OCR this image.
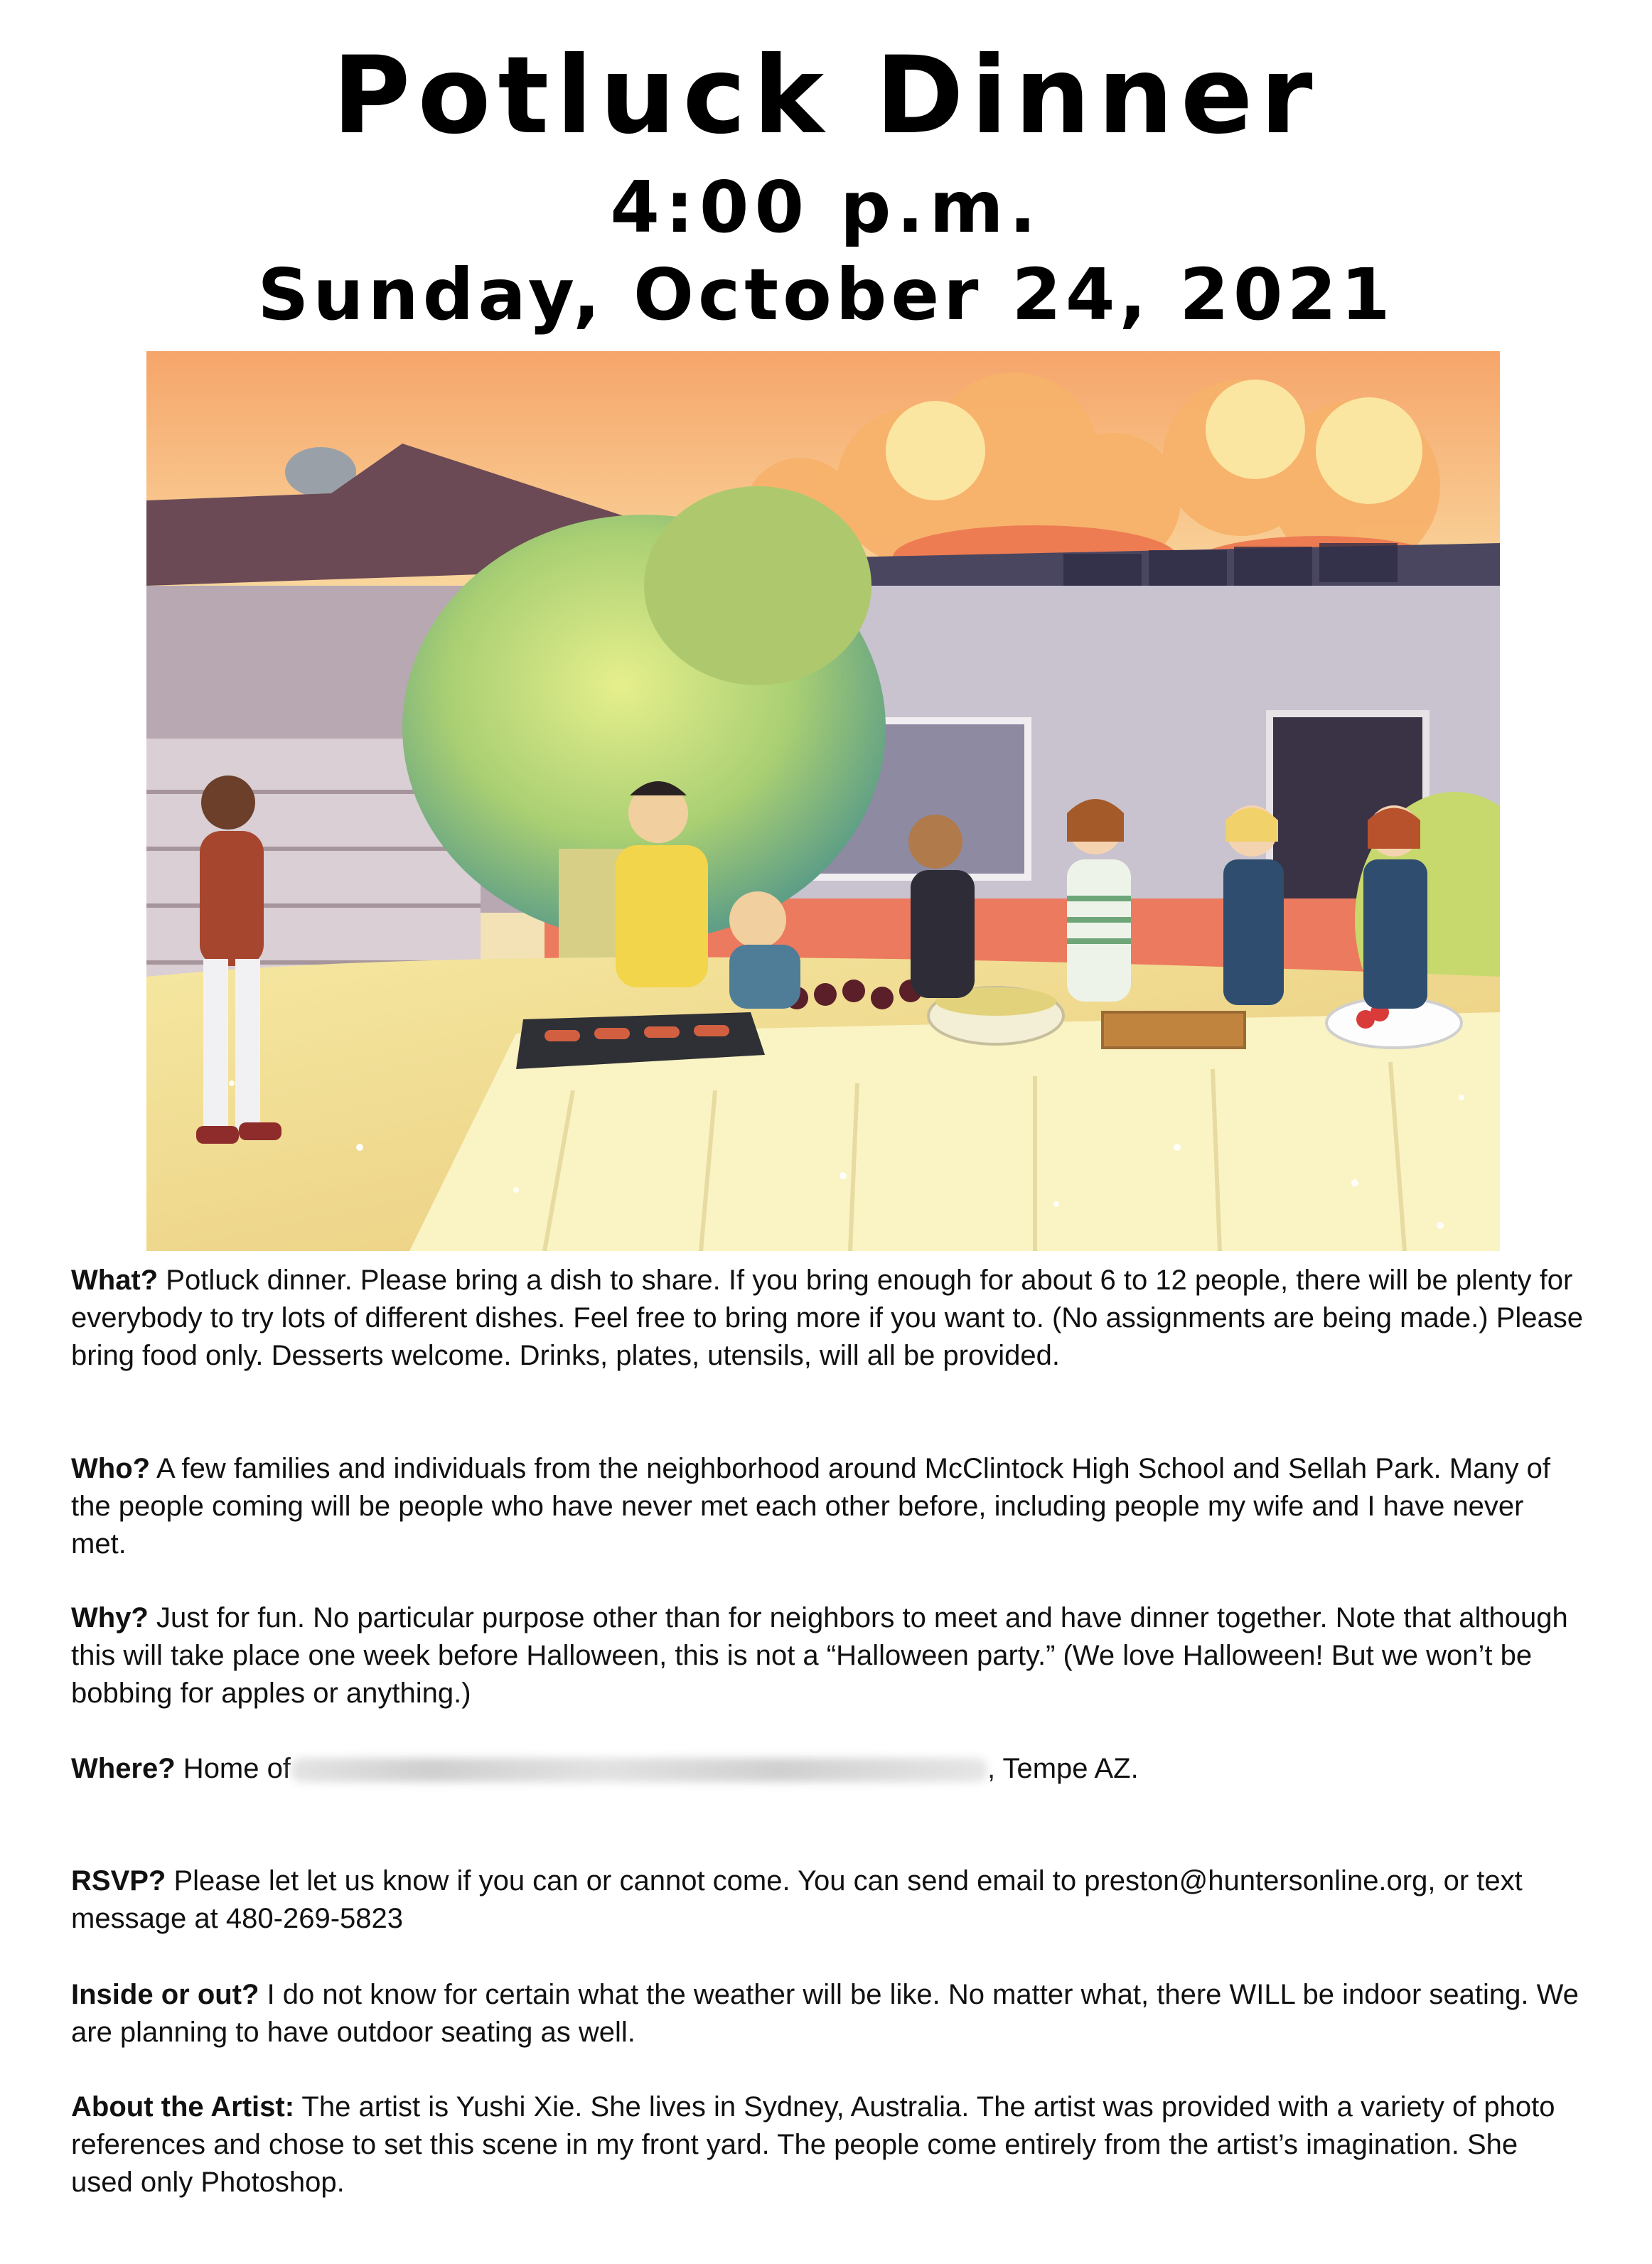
Potluck Dinner
4:00 p.m.
Sunday, October 24, 2021

What? Potluck dinner. Please bring a dish to share. If you bring enough for about 6 to 12 people, there will be plenty for everybody to try lots of different dishes. Feel free to bring more if you want to. (No assignments are being made.) Please bring food only. Desserts welcome. Drinks, plates, utensils, will all be provided.

Who? A few families and individuals from the neighborhood around McClintock High School and Sellah Park. Many of the people coming will be people who have never met each other before, including people my wife and I have never met.

Why? Just for fun. No particular purpose other than for neighbors to meet and have dinner together. Note that although this will take place one week before Halloween, this is not a “Halloween party.” (We love Halloween! But we won’t be bobbing for apples or anything.)

Where? Home of	, Tempe AZ.

RSVP? Please let let us know if you can or cannot come. You can send email to preston@huntersonline.org, or text message at 480-269-5823

Inside or out? I do not know for certain what the weather will be like. No matter what, there WILL be indoor seating. We are planning to have outdoor seating as well.

About the Artist: The artist is Yushi Xie. She lives in Sydney, Australia. The artist was provided with a variety of photo references and chose to set this scene in my front yard. The people come entirely from the artist’s imagination. She used only Photoshop.
